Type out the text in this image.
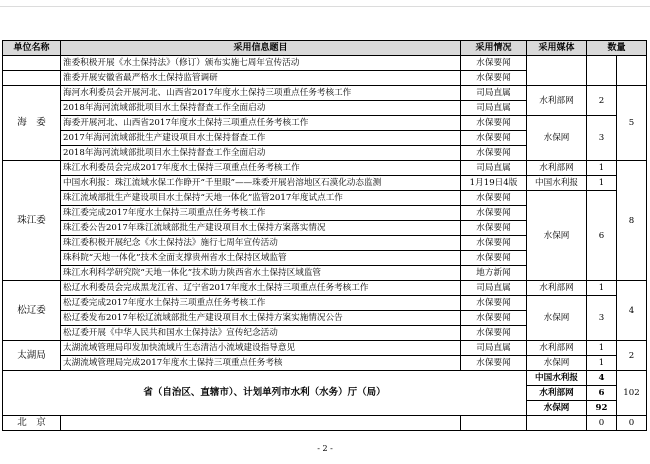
单位名称	采用信息题目	采用情况	采用媒体	数量	
	淮委积极开展《水土保持法》（修订）颁布实施七周年宣传活动	水保要闻			
	淮委开展安徽省最严格水土保持监管调研	水保要闻			
海　委	海河水利委员会开展河北、山西省2017年度水土保持三项重点任务考核工作	司局直属	水利部网	2	5
	2018年海河流域部批项目水土保持督查工作全面启动	司局直属			
	海委开展河北、山西省2017年度水土保持三项重点任务考核工作	水保要闻	水保网	3	
	2017年海河流域部批生产建设项目水土保持督查工作	水保要闻			
	2018年海河流域部批项目水土保持督查工作全面启动	水保要闻			
珠江委	珠江水利委员会完成2017年度水土保持三项重点任务考核工作	司局直属	水利部网	1	8
	中国水利报：珠江流域水保工作睁开“千里眼”——珠委开展岩溶地区石漠化动态监测	1月19日4版	中国水利报	1	
	珠江流域部批生产建设项目水土保持“天地一体化”监管2017年度试点工作	水保要闻	水保网	6	
	珠江委完成2017年度水土保持三项重点任务考核工作	水保要闻			
	珠江委公告2017年珠江流域部批生产建设项目水土保持方案落实情况	水保要闻			
	珠江委积极开展纪念《水土保持法》施行七周年宣传活动	水保要闻			
	珠科院“天地一体化”技术全面支撑贵州省水土保持区域监管	水保要闻			
	珠江水利科学研究院“天地一体化”技术助力陕西省水土保持区域监管	地方新闻			
松辽委	松辽水利委员会完成黑龙江省、辽宁省2017年度水土保持三项重点任务考核工作	司局直属	水利部网	1	4
	松辽委完成2017年度水土保持三项重点任务考核工作	水保要闻	水保网	3	
	松辽委发布2017年松辽流域部批生产建设项目水土保持方案实施情况公告	水保要闻			
	松辽委开展《中华人民共和国水土保持法》宣传纪念活动	水保要闻			
太湖局	太湖流域管理局印发加快流域片生态清洁小流域建设指导意见	司局直属	水利部网	1	2
	太湖流域管理局完成2017年度水土保持三项重点任务考核	水保要闻	水保网	1	
省（自治区、直辖市）、计划单列市水利（水务）厅（局）			中国水利报	4	102
			水利部网	6	
			水保网	92	
北　京				0	0
- 2 -
